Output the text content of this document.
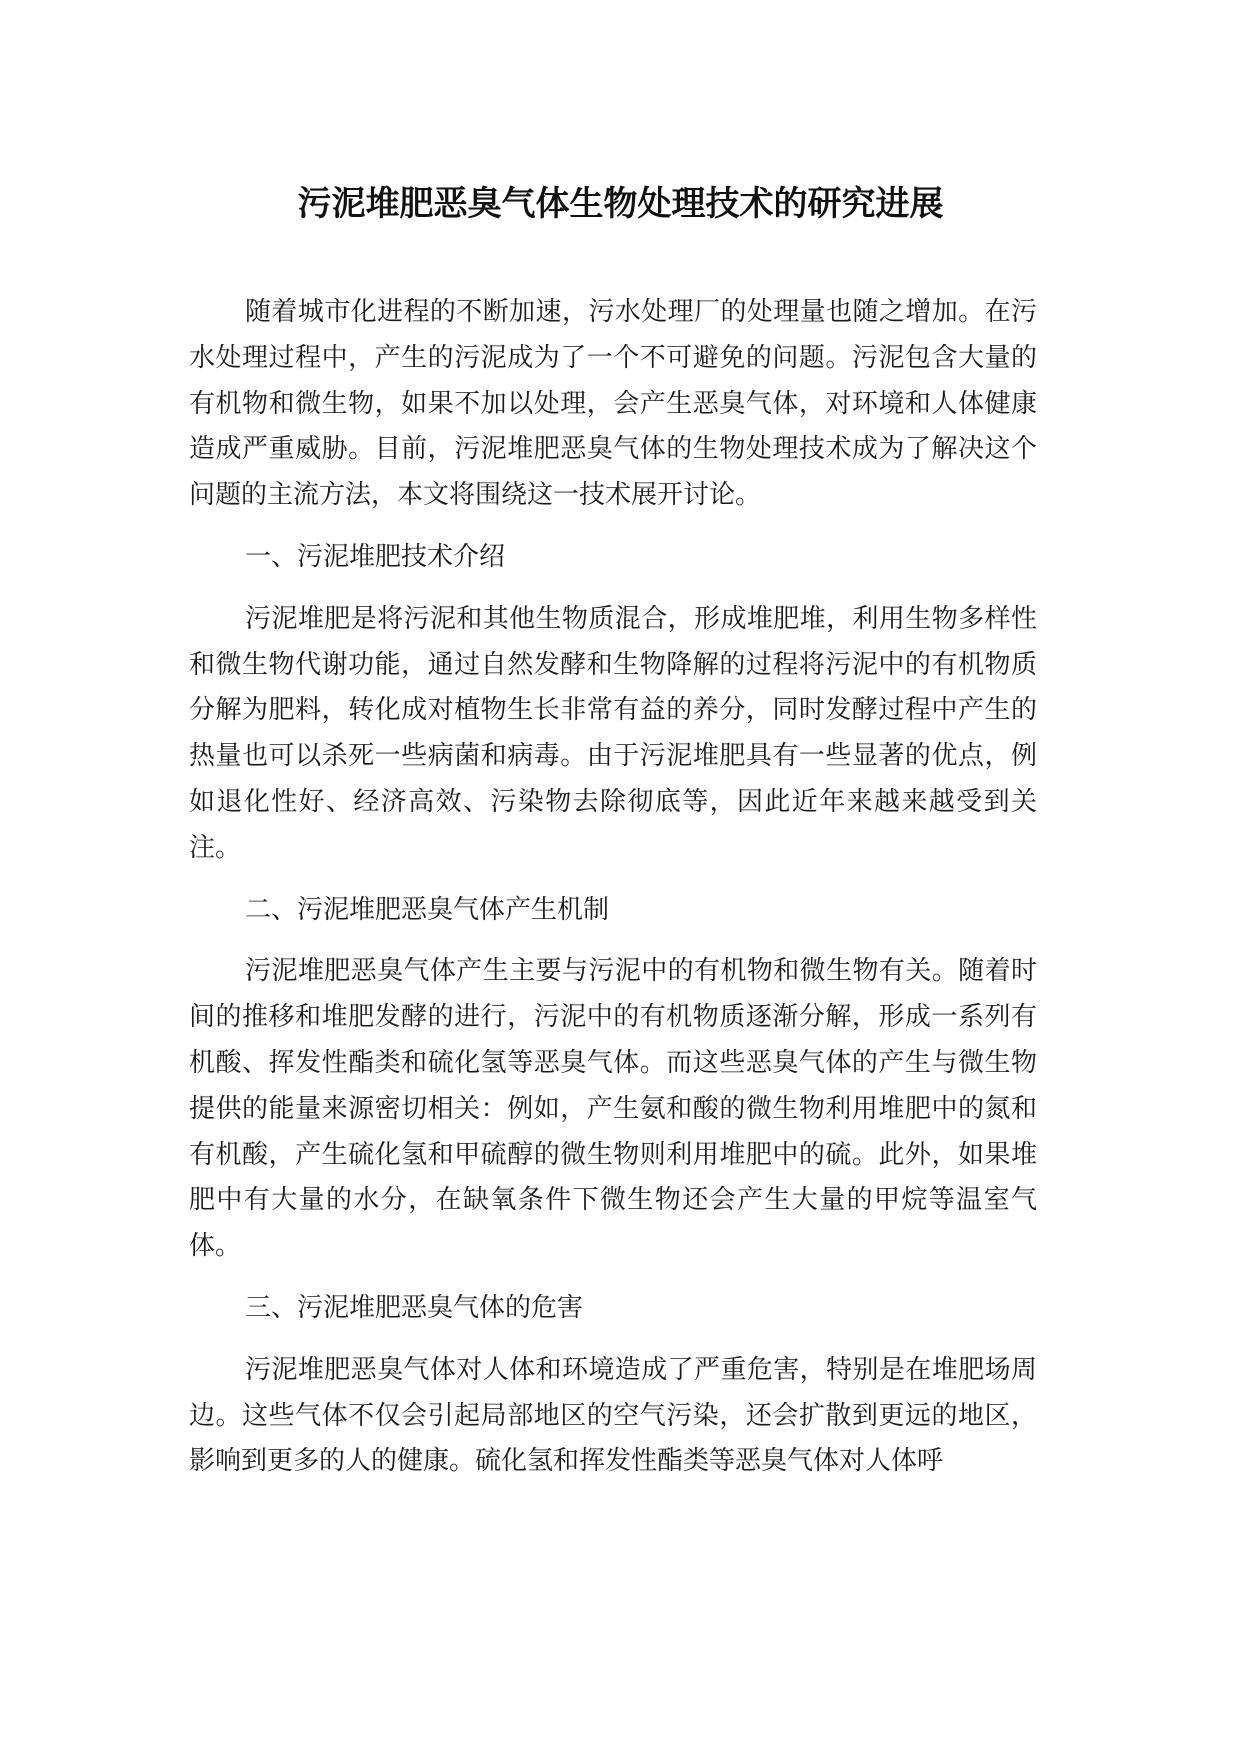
污泥堆肥恶臭气体生物处理技术的研究进展

随着城市化进程的不断加速，污水处理厂的处理量也随之增加。在污水处理过程中，产生的污泥成为了一个不可避免的问题。污泥包含大量的有机物和微生物，如果不加以处理，会产生恶臭气体，对环境和人体健康造成严重威胁。目前，污泥堆肥恶臭气体的生物处理技术成为了解决这个问题的主流方法，本文将围绕这一技术展开讨论。

一、污泥堆肥技术介绍

污泥堆肥是将污泥和其他生物质混合，形成堆肥堆，利用生物多样性和微生物代谢功能，通过自然发酵和生物降解的过程将污泥中的有机物质分解为肥料，转化成对植物生长非常有益的养分，同时发酵过程中产生的热量也可以杀死一些病菌和病毒。由于污泥堆肥具有一些显著的优点，例如退化性好、经济高效、污染物去除彻底等，因此近年来越来越受到关注。

二、污泥堆肥恶臭气体产生机制

污泥堆肥恶臭气体产生主要与污泥中的有机物和微生物有关。随着时间的推移和堆肥发酵的进行，污泥中的有机物质逐渐分解，形成一系列有机酸、挥发性酯类和硫化氢等恶臭气体。而这些恶臭气体的产生与微生物提供的能量来源密切相关：例如，产生氨和酸的微生物利用堆肥中的氮和有机酸，产生硫化氢和甲硫醇的微生物则利用堆肥中的硫。此外，如果堆肥中有大量的水分，在缺氧条件下微生物还会产生大量的甲烷等温室气体。

三、污泥堆肥恶臭气体的危害

污泥堆肥恶臭气体对人体和环境造成了严重危害，特别是在堆肥场周边。这些气体不仅会引起局部地区的空气污染，还会扩散到更远的地区，影响到更多的人的健康。硫化氢和挥发性酯类等恶臭气体对人体呼
